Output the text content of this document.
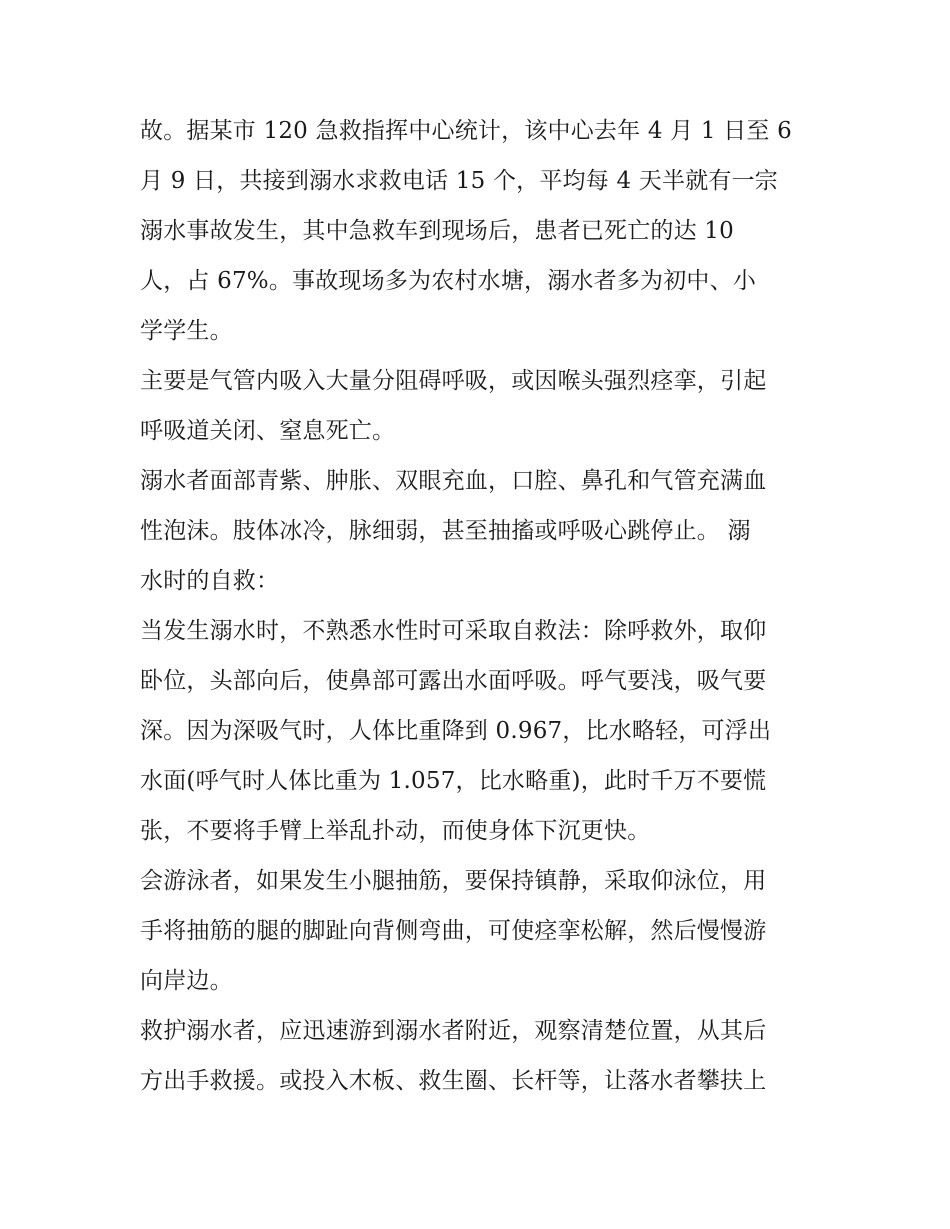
故。据某市 120 急救指挥中心统计，该中心去年 4 月 1 日至 6
月 9 日，共接到溺水求救电话 15 个，平均每 4 天半就有一宗
溺水事故发生，其中急救车到现场后，患者已死亡的达 10
人，占 67%。事故现场多为农村水塘，溺水者多为初中、小
学学生。
主要是气管内吸入大量分阻碍呼吸，或因喉头强烈痉挛，引起
呼吸道关闭、窒息死亡。
溺水者面部青紫、肿胀、双眼充血，口腔、鼻孔和气管充满血
性泡沫。肢体冰冷，脉细弱，甚至抽搐或呼吸心跳停止。 溺
水时的自救：
当发生溺水时，不熟悉水性时可采取自救法：除呼救外，取仰
卧位，头部向后，使鼻部可露出水面呼吸。呼气要浅，吸气要
深。因为深吸气时，人体比重降到 0.967，比水略轻，可浮出
水面(呼气时人体比重为 1.057，比水略重)，此时千万不要慌
张，不要将手臂上举乱扑动，而使身体下沉更快。
会游泳者，如果发生小腿抽筋，要保持镇静，采取仰泳位，用
手将抽筋的腿的脚趾向背侧弯曲，可使痉挛松解，然后慢慢游
向岸边。
救护溺水者，应迅速游到溺水者附近，观察清楚位置，从其后
方出手救援。或投入木板、救生圈、长杆等，让落水者攀扶上
